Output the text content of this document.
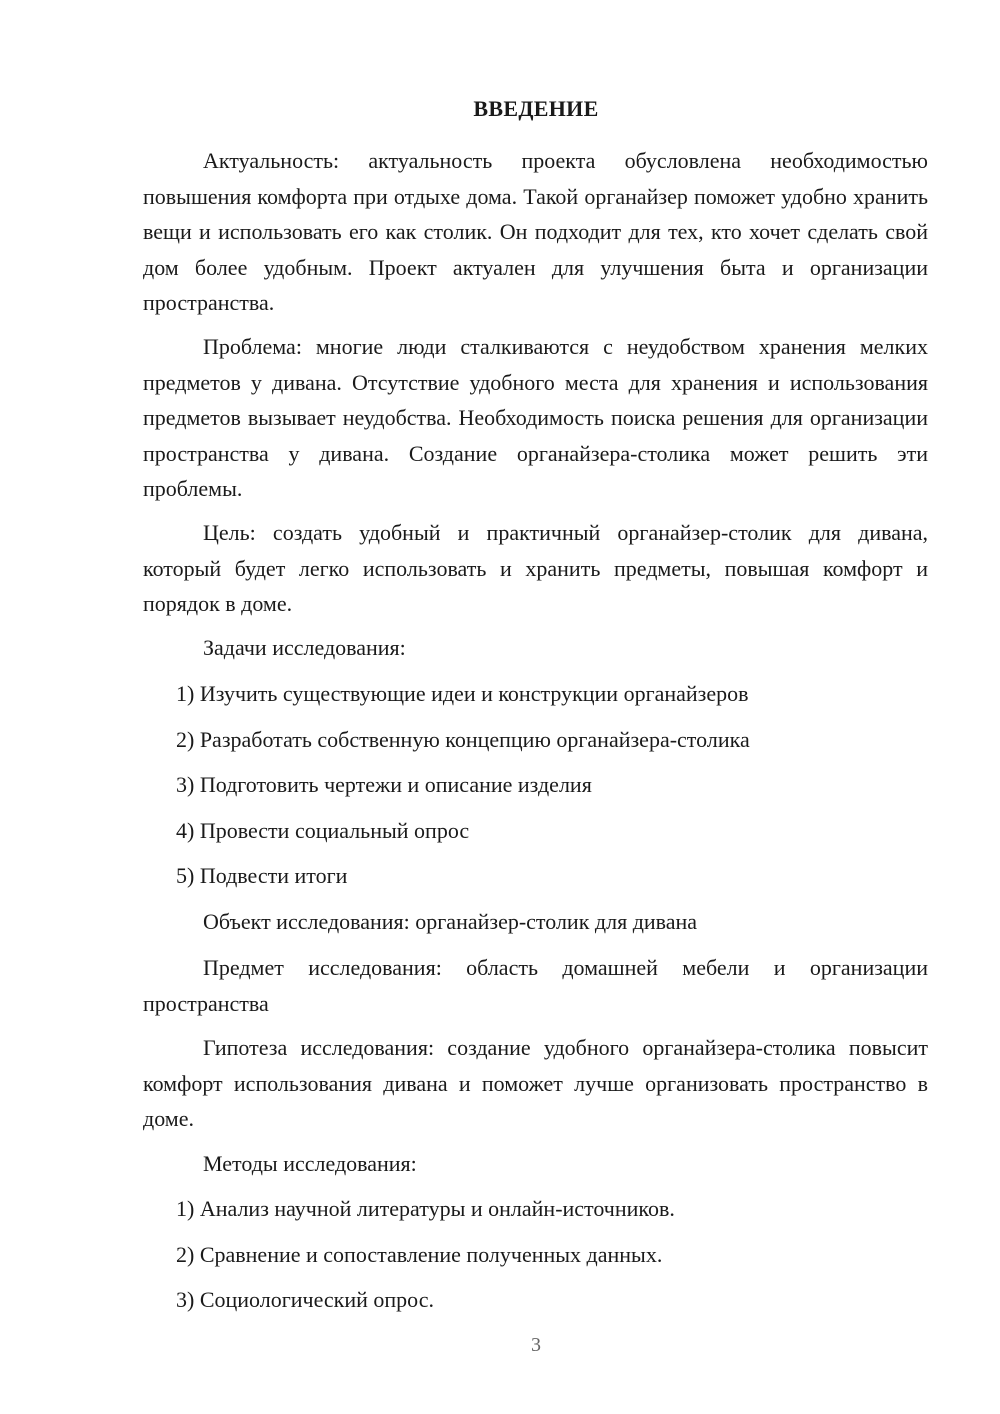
ВВЕДЕНИЕ

Актуальность: актуальность проекта обусловлена необходимостью повышения комфорта при отдыхе дома. Такой органайзер поможет удобно хранить вещи и использовать его как столик. Он подходит для тех, кто хочет сделать свой дом более удобным. Проект актуален для улучшения быта и организации пространства.

Проблема: многие люди сталкиваются с неудобством хранения мелких предметов у дивана. Отсутствие удобного места для хранения и использования предметов вызывает неудобства. Необходимость поиска решения для организации пространства у дивана. Создание органайзера-столика может решить эти проблемы.

Цель: создать удобный и практичный органайзер-столик для дивана, который будет легко использовать и хранить предметы, повышая комфорт и порядок в доме.

Задачи исследования:

1) Изучить существующие идеи и конструкции органайзеров

2) Разработать собственную концепцию органайзера-столика

3) Подготовить чертежи и описание изделия

4) Провести социальный опрос

5) Подвести итоги

Объект исследования: органайзер-столик для дивана

Предмет исследования: область домашней мебели и организации пространства

Гипотеза исследования: создание удобного органайзера-столика повысит комфорт использования дивана и поможет лучше организовать пространство в доме.

Методы исследования:

1) Анализ научной литературы и онлайн-источников.

2) Сравнение и сопоставление полученных данных.

3) Социологический опрос.

3
